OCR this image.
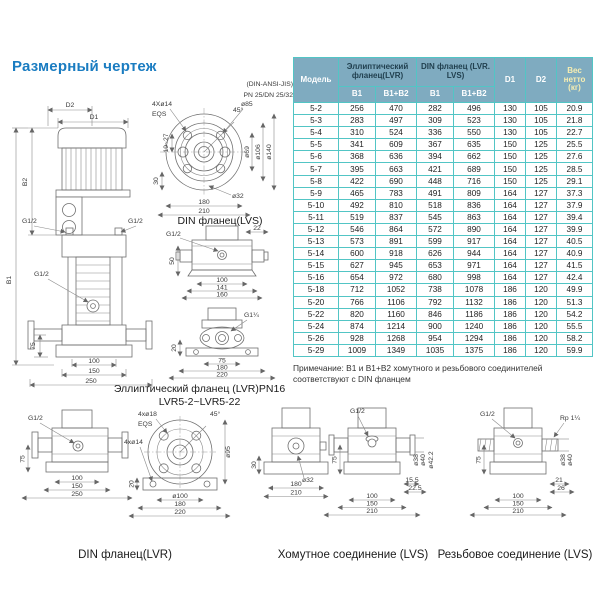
Размерный чертеж
D2
D1
B2
B1
G1/2	G1/2
G1/2
75
100
150
250
(DIN-ANSI-JIS)
PN 25/DN 25/32
45°
4Xø14
EQS
ø85
ø69 ø106 ø140
19~27
30
ø32
180
210
DIN фланец(LVS)
G1/2
22
50
100
141
160
G1¼
20
75
180
220
Эллиптический фланец (LVR)PN16
LVR5-2~LVR5-22
Модель	Эллиптический фланец(LVR)		DIN фланец (LVR. LVS)		D1	D2	Вес нетто (кг)
	B1	B1+B2	B1	B1+B2			
5-2	256	470	282	496	130	105	20.9
5-3	283	497	309	523	130	105	21.8
5-4	310	524	336	550	130	105	22.7
5-5	341	609	367	635	150	125	25.5
5-6	368	636	394	662	150	125	27.6
5-7	395	663	421	689	150	125	28.5
5-8	422	690	448	716	150	125	29.1
5-9	465	783	491	809	164	127	37.3
5-10	492	810	518	836	164	127	37.9
5-11	519	837	545	863	164	127	39.4
5-12	546	864	572	890	164	127	39.9
5-13	573	891	599	917	164	127	40.5
5-14	600	918	626	944	164	127	40.9
5-15	627	945	653	971	164	127	41.5
5-16	654	972	680	998	164	127	42.4
5-18	712	1052	738	1078	186	120	49.9
5-20	766	1106	792	1132	186	120	51.3
5-22	820	1160	846	1186	186	120	54.2
5-24	874	1214	900	1240	186	120	55.5
5-26	928	1268	954	1294	186	120	58.2
5-29	1009	1349	1035	1375	186	120	59.9
Примечание: B1 и B1+B2 хомутного и резьбового соединителей соответствуют с DIN фланцем
G1/2
75
100
150
250
45°
4xø18
EQS
4xø14
20
ø95
ø100
180
220
DIN фланец(LVR)
30
ø32
180
210
G1/2
75	ø38 ø40 ø42.2
15.5
22.5
100
150
210
Хомутное соединение (LVS)
G1/2
Rp 1¼
75	ø38 ø40
21
26
100
150
210
Резьбовое соединение (LVS)
